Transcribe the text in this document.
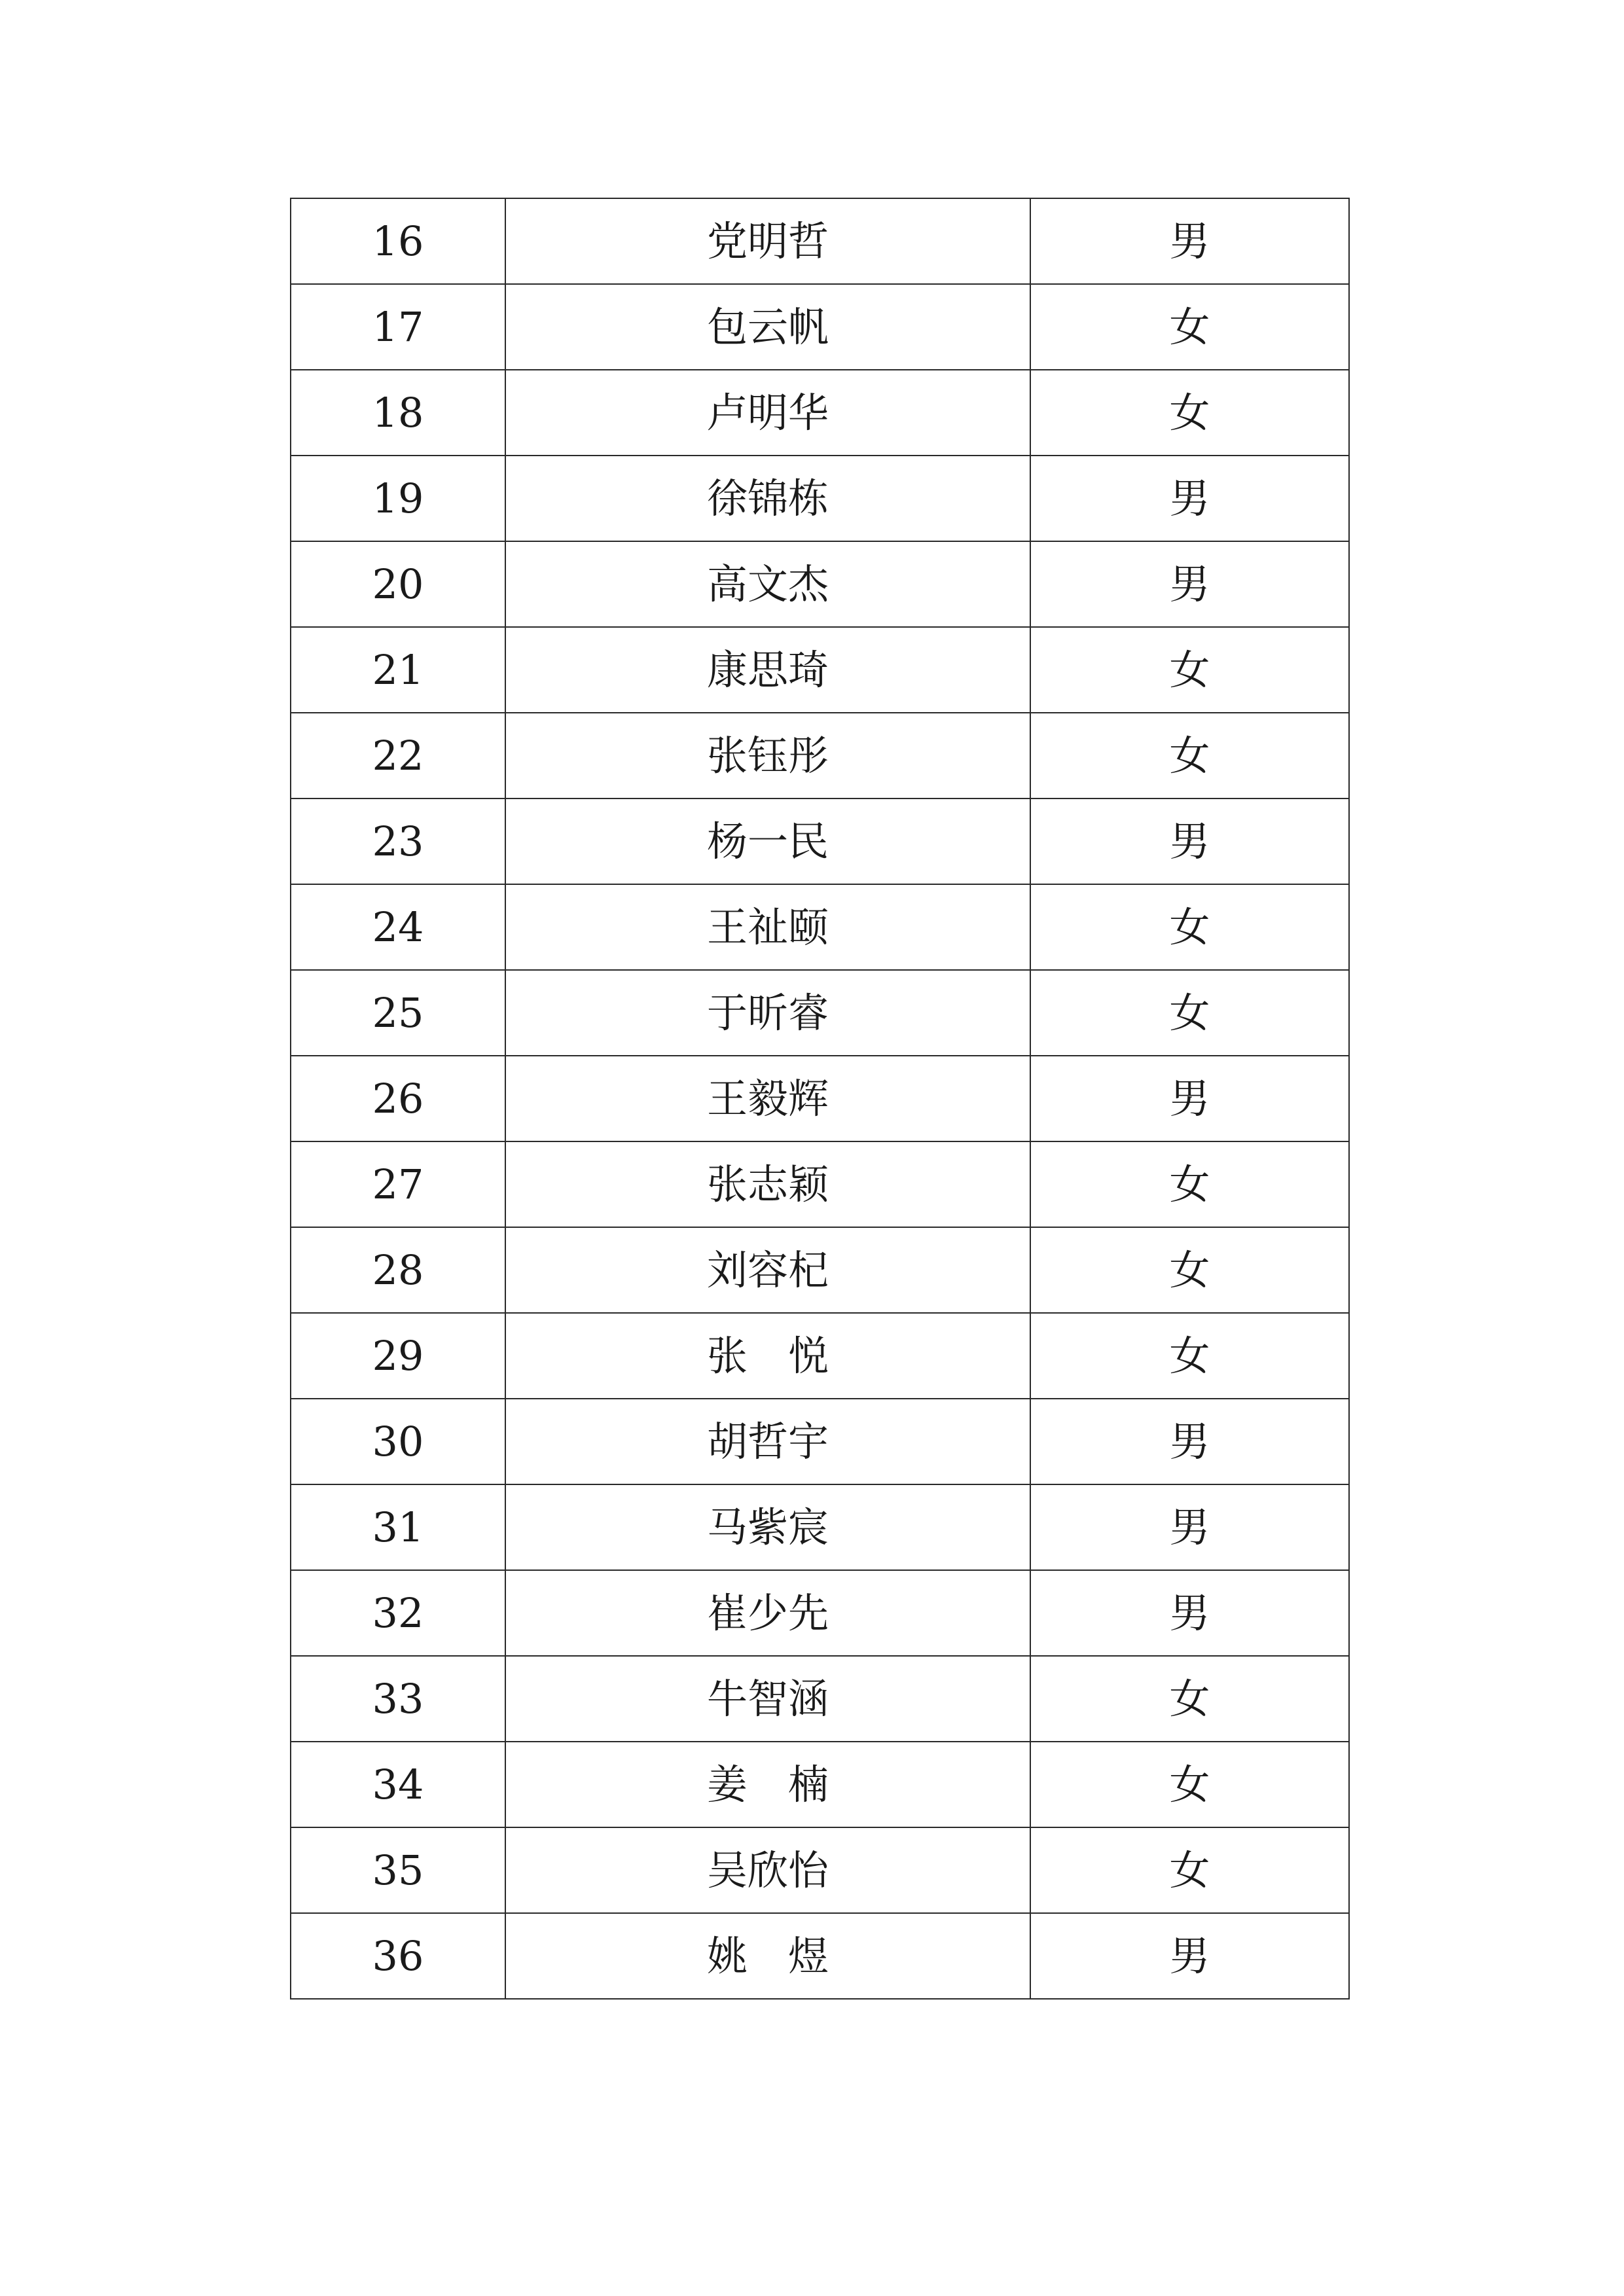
16	党明哲	男
17	包云帆	女
18	卢明华	女
19	徐锦栋	男
20	高文杰	男
21	康思琦	女
22	张钰彤	女
23	杨一民	男
24	王祉颐	女
25	于昕睿	女
26	王毅辉	男
27	张志颖	女
28	刘容杞	女
29	张　悦	女
30	胡哲宇	男
31	马紫宸	男
32	崔少先	男
33	牛智涵	女
34	姜　楠	女
35	吴欣怡	女
36	姚　煜	男
